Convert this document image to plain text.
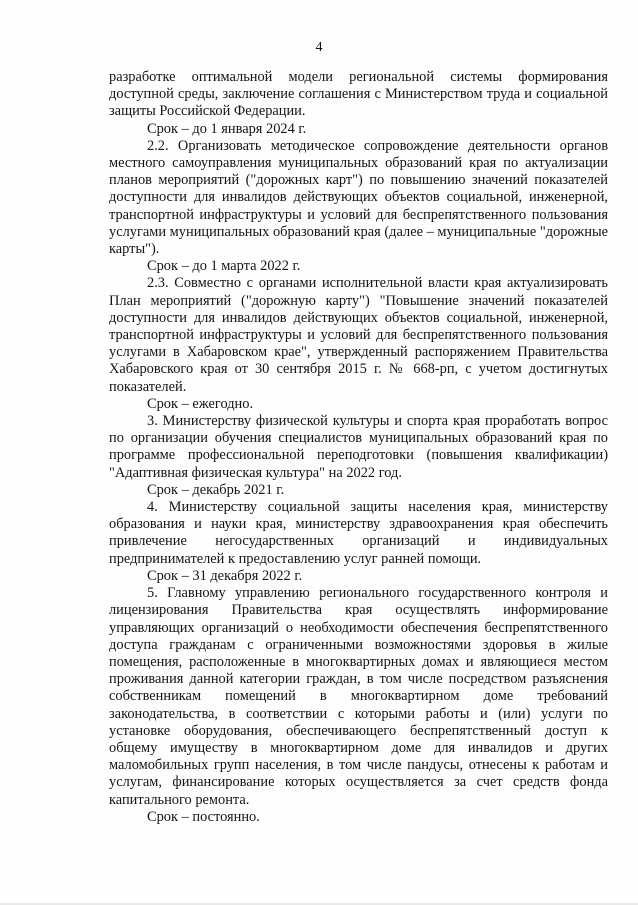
4

разработке оптимальной модели региональной системы формирования доступной среды, заключение соглашения с Министерством труда и социальной защиты Российской Федерации.

Срок – до 1 января 2024 г.

2.2. Организовать методическое сопровождение деятельности органов местного самоуправления муниципальных образований края по актуализации планов мероприятий ("дорожных карт") по повышению значений показателей доступности для инвалидов действующих объектов социальной, инженерной, транспортной инфраструктуры и условий для беспрепятственного пользования услугами муниципальных образований края (далее – муниципальные "дорожные карты").

Срок – до 1 марта 2022 г.

2.3. Совместно с органами исполнительной власти края актуализировать План мероприятий ("дорожную карту") "Повышение значений показателей доступности для инвалидов действующих объектов социальной, инженерной, транспортной инфраструктуры и условий для беспрепятственного пользования услугами в Хабаровском крае", утвержденный распоряжением Правительства Хабаровского края от 30 сентября 2015 г. № 668-рп, с учетом достигнутых показателей.

Срок – ежегодно.

3. Министерству физической культуры и спорта края проработать вопрос по организации обучения специалистов муниципальных образований края по программе профессиональной переподготовки (повышения квалификации) "Адаптивная физическая культура" на 2022 год.

Срок – декабрь 2021 г.

4. Министерству социальной защиты населения края, министерству образования и науки края, министерству здравоохранения края обеспечить привлечение негосударственных организаций и индивидуальных предпринимателей к предоставлению услуг ранней помощи.

Срок – 31 декабря 2022 г.

5. Главному управлению регионального государственного контроля и лицензирования Правительства края осуществлять информирование управляющих организаций о необходимости обеспечения беспрепятственного доступа гражданам с ограниченными возможностями здоровья в жилые помещения, расположенные в многоквартирных домах и являющиеся местом проживания данной категории граждан, в том числе посредством разъяснения собственникам помещений в многоквартирном доме требований законодательства, в соответствии с которыми работы и (или) услуги по установке оборудования, обеспечивающего беспрепятственный доступ к общему имуществу в многоквартирном доме для инвалидов и других маломобильных групп населения, в том числе пандусы, отнесены к работам и услугам, финансирование которых осуществляется за счет средств фонда капитального ремонта.

Срок – постоянно.
